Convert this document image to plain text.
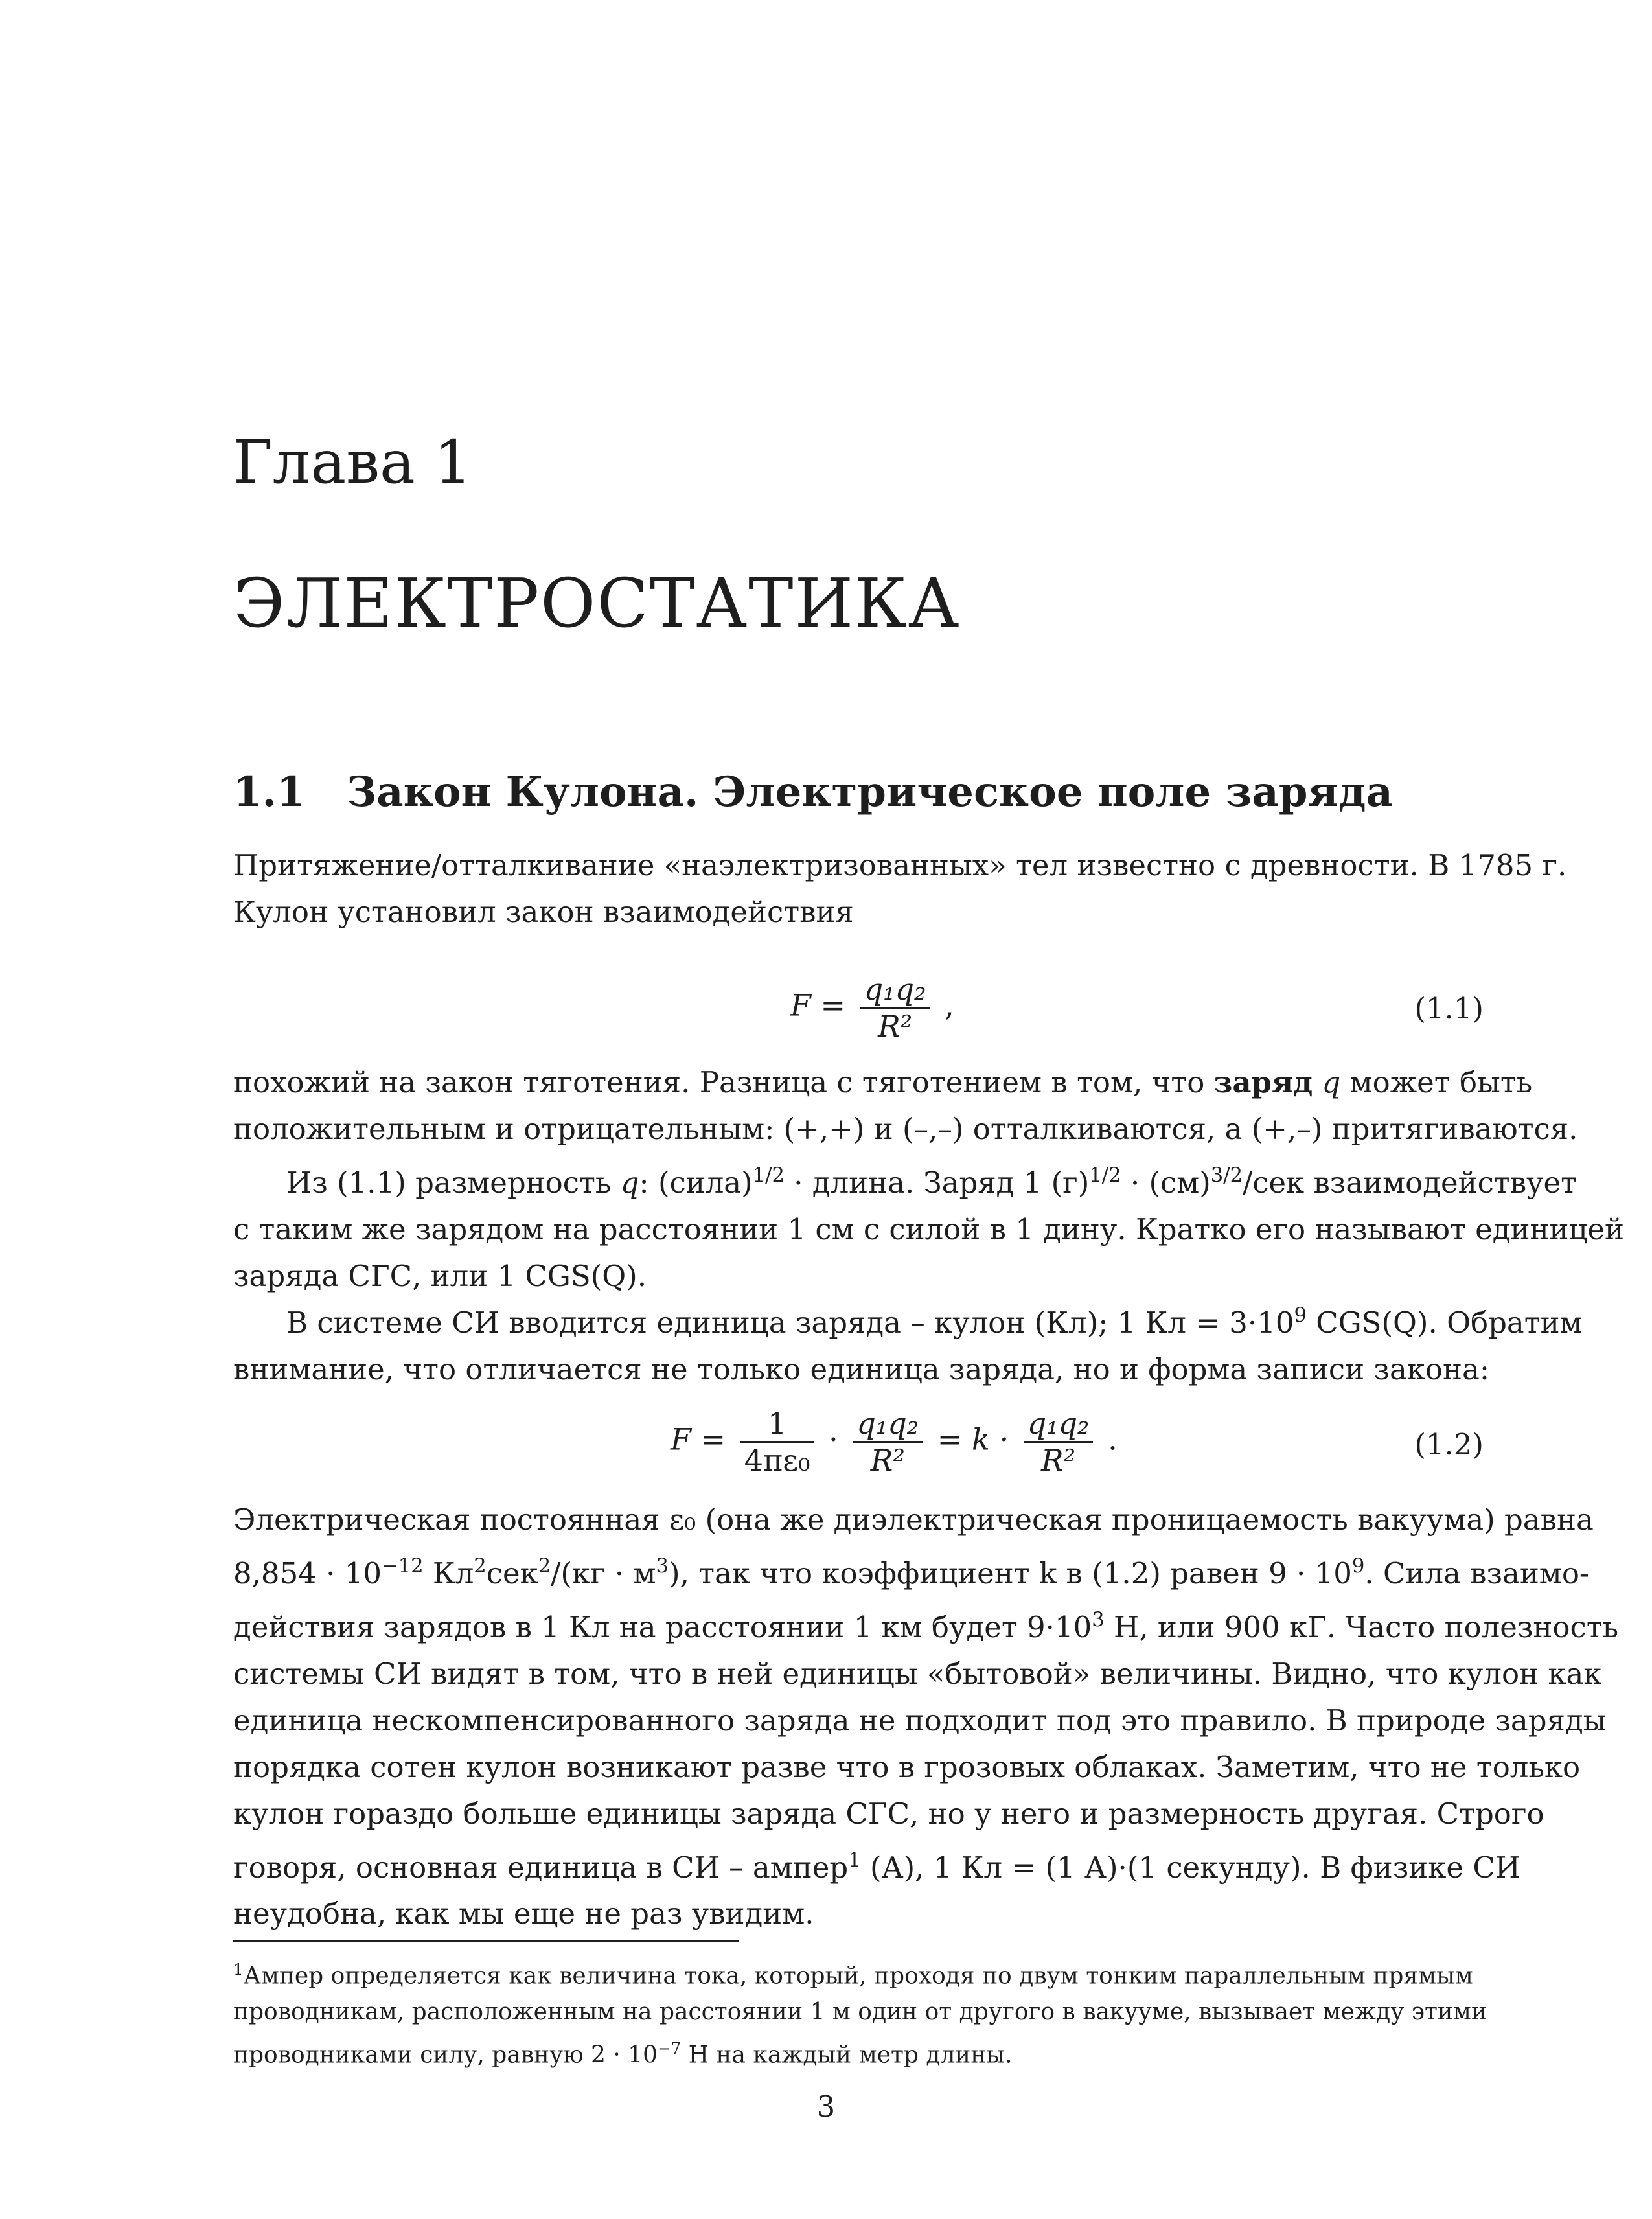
Глава 1
ЭЛЕКТРОСТАТИКА
1.1 Закон Кулона. Электрическое поле заряда
Притяжение/отталкивание «наэлектризованных» тел известно с древности. В 1785 г.
Кулон установил закон взаимодействия
$F = \frac{\text{q₁q₂}}{\text{R²}}$ ,	(1.1)
похожий на закон тяготения. Разница с тяготением в том, что заряд q может быть
положительным и отрицательным: (+,+) и (–,–) отталкиваются, а (+,–) притягиваются.
Из (1.1) размерность q: (сила)$^{1/2}$ · длина. Заряд 1 $(г)^{1/2} \cdot (см)^{3/2}/сек$ взаимодействует
с таким же зарядом на расстоянии 1 см с силой в 1 дину. Кратко его называют единицей
заряда СГС, или 1 CGS(Q).
В системе СИ вводится единица заряда – кулон (Кл); 1 Кл = $3\cdot 10^9$ CGS(Q). Обратим
внимание, что отличается не только единица заряда, но и форма записи закона:
$F = \frac{1}{\text{4πε₀}} \cdot \frac{\text{q₁q₂}}{\text{R²}} = k \cdot \frac{\text{q₁q₂}}{\text{R²}}$ .	(1.2)
Электрическая постоянная ε₀ (она же диэлектрическая проницаемость вакуума) равна
$8,854 \cdot 10^{-12}$ $Кл^2сек^2/(кг \cdot м^3)$, так что коэффициент k в (1.2) равен $9 \cdot 10^9$. Сила взаимо-
действия зарядов в 1 Кл на расстоянии 1 км будет $9\cdot 10^3$ Н, или 900 кГ. Часто полезность
системы СИ видят в том, что в ней единицы «бытовой» величины. Видно, что кулон как
единица нескомпенсированного заряда не подходит под это правило. В природе заряды
порядка сотен кулон возникают разве что в грозовых облаках. Заметим, что не только
кулон гораздо больше единицы заряда СГС, но у него и размерность другая. Строго
говоря, основная единица в СИ – ампер$^1$ (А), 1 Кл = (1 А)·(1 секунду). В физике СИ
неудобна, как мы еще не раз увидим.
$^1$Ампер определяется как величина тока, который, проходя по двум тонким параллельным прямым
проводникам, расположенным на расстоянии 1 м один от другого в вакууме, вызывает между этими
проводниками силу, равную $2 \cdot 10^{-7}$ Н на каждый метр длины.
3
